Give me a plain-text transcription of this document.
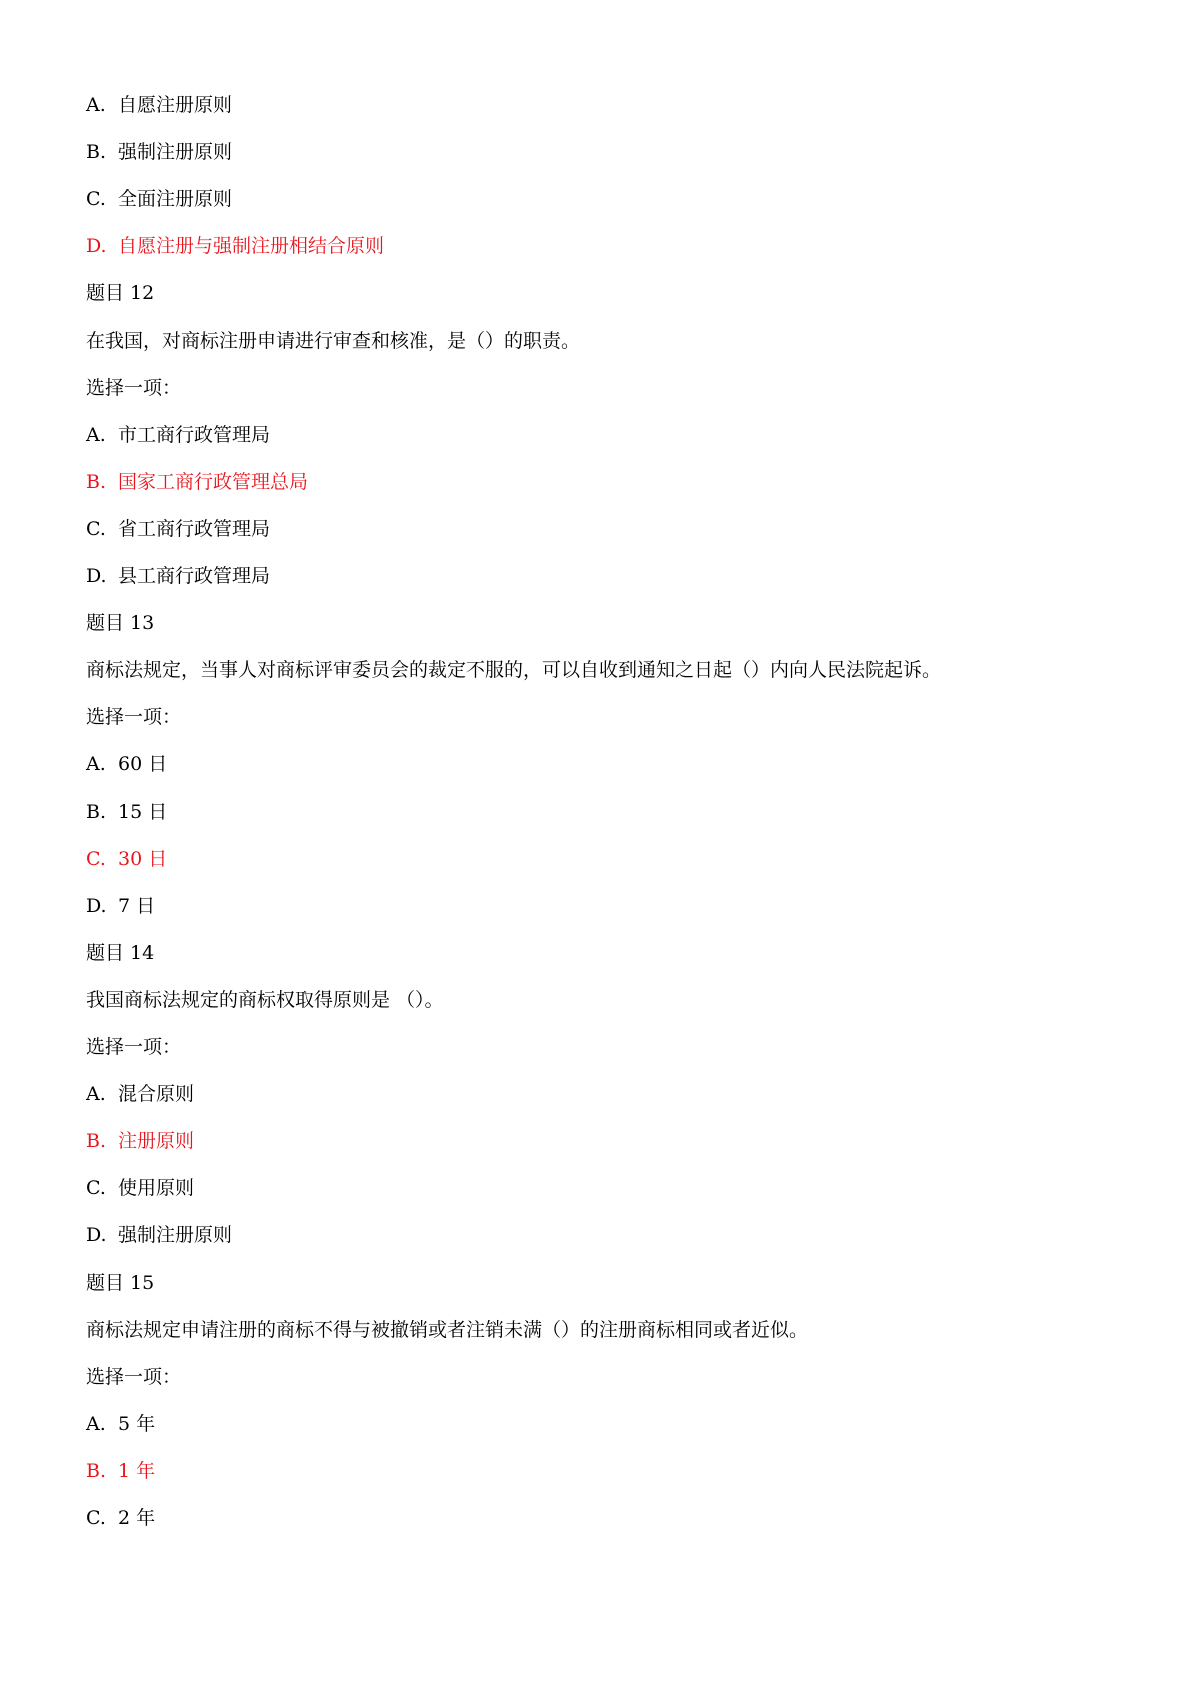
A. 自愿注册原则
B. 强制注册原则
C. 全面注册原则
D. 自愿注册与强制注册相结合原则
题目 12
在我国，对商标注册申请进行审查和核准，是（）的职责。
选择一项：
A. 市工商行政管理局
B. 国家工商行政管理总局
C. 省工商行政管理局
D. 县工商行政管理局
题目 13
商标法规定，当事人对商标评审委员会的裁定不服的，可以自收到通知之日起（）内向人民法院起诉。
选择一项：
A. 60 日
B. 15 日
C. 30 日
D. 7 日
题目 14
我国商标法规定的商标权取得原则是 （）。
选择一项：
A. 混合原则
B. 注册原则
C. 使用原则
D. 强制注册原则
题目 15
商标法规定申请注册的商标不得与被撤销或者注销未满（）的注册商标相同或者近似。
选择一项：
A. 5 年
B. 1 年
C. 2 年
